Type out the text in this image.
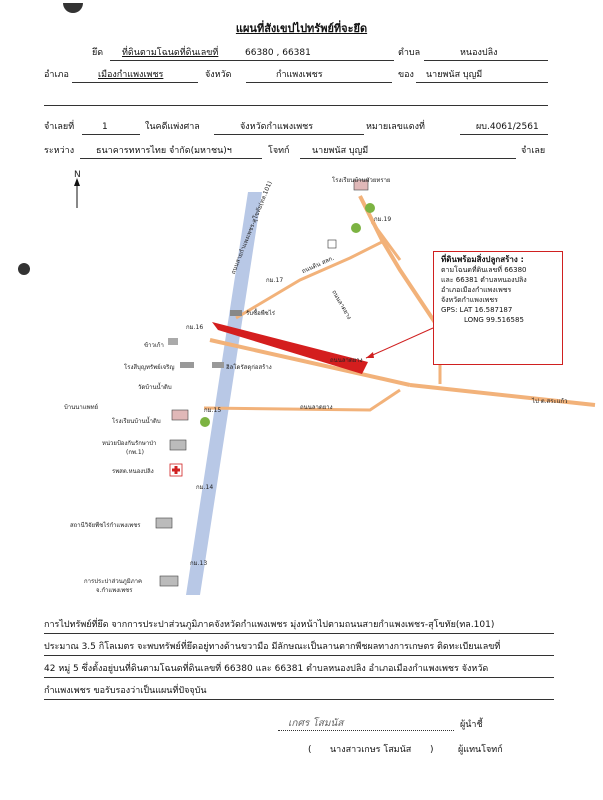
แผนที่สังเขปไปทรัพย์ที่จะยึด
ยึด ที่ดินตามโฉนดที่ดินเลขที่	66380 , 66381	ตำบล	หนองปลิง
อำเภอ	เมืองกำแพงเพชร	จังหวัด	กำแพงเพชร	ของ นายพนัส บุญมี
จำเลยที่	1	ในคดีแพ่งศาล	จังหวัดกำแพงเพชร	หมายเลขแดงที่	ผบ.4061/2561
ระหว่าง ธนาคารทหารไทย จำกัด(มหาชน)ฯ	โจทก์	นายพนัส บุญมี	จำเลย
โรงเรียนบ้านหัวยทราย
กม.19
ถนนสายกำแพงเพชร-สุโขทัย(ทล.101)
กม.17
รับซื้อพืชไร่
กม.16
ข้าวเก้า
โรงสีบุญทรัพย์เจริญ	ฮิลโดรัสดุก่อสร้าง
วัดบ้านน้ำดิบ
บ้านนาแพทย์	กม.15
โรงเรียนบ้านน้ำดิบ
หน่วยป้องกันรักษาป่า
(กพ.1)
รพสต.หนองปลิง
กม.14
สถานีวิจัยพืชไร่กำแพงเพชร
กม.13
การประปาส่วนภูมิภาค
จ.กำแพงเพชร
ไป ต.สระแก้ว
ถนนลาดยาง
ถนนลาดยาง
ถนนลาดยาง
ถนนดิน สลก.
N
ที่ดินพร้อมสิ่งปลูกสร้าง :
ตามโฉนดที่ดินเลขที่ 66380
และ 66381 ตำบลหนองปลิง
อำเภอเมืองกำแพงเพชร
จังหวัดกำแพงเพชร
GPS: LAT 16.587187
LONG 99.516585
การไปทรัพย์ที่ยึด จากการประปาส่วนภูมิภาคจังหวัดกำแพงเพชร มุ่งหน้าไปตามถนนสายกำแพงเพชร-สุโขทัย(ทล.101)
ประมาณ 3.5 กิโลเมตร จะพบทรัพย์ที่ยึดอยู่ทางด้านขวามือ มีลักษณะเป็นลานตากพืชผลทางการเกษตร ติดทะเบียนเลขที่
42 หมู่ 5 ซึ่งตั้งอยู่บนที่ดินตามโฉนดที่ดินเลขที่ 66380 และ 66381 ตำบลหนองปลิง อำเภอเมืองกำแพงเพชร จังหวัด
กำแพงเพชร ขอรับรองว่าเป็นแผนที่ปัจจุบัน
เกศร โสมนัส	ผู้นำชี้
( นางสาวเกษร โสมนัส )	ผู้แทนโจทก์
